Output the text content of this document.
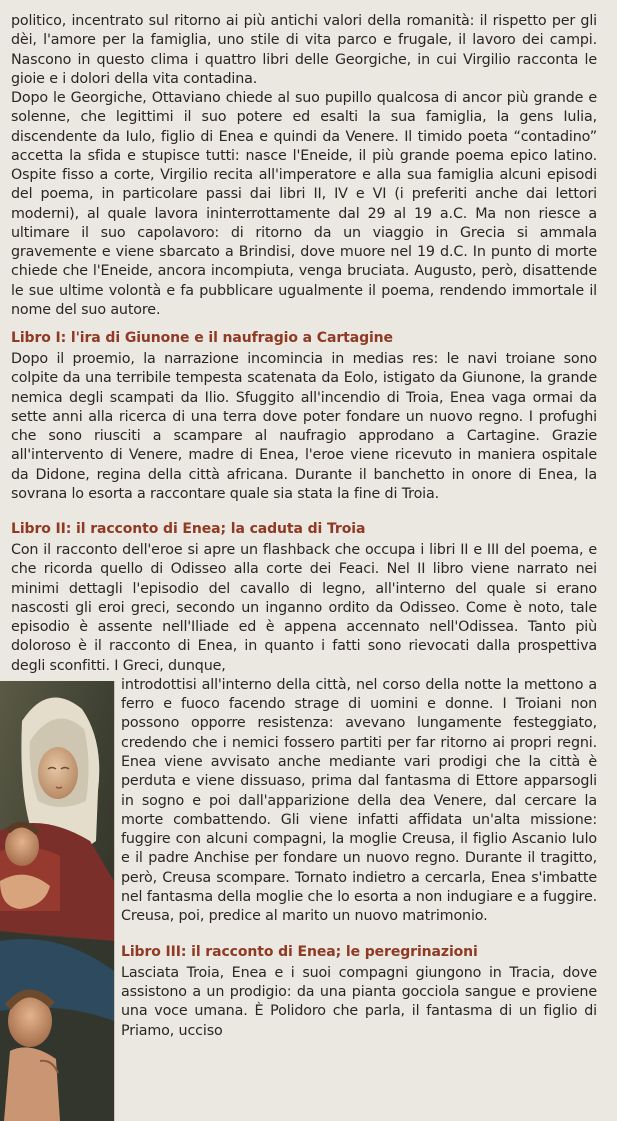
politico, incentrato sul ritorno ai più antichi valori della romanità: il rispetto per gli dèi, l'amore per la famiglia, uno stile di vita parco e frugale, il lavoro dei campi. Nascono in questo clima i quattro libri delle Georgiche, in cui Virgilio racconta le gioie e i dolori della vita contadina.

Dopo le Georgiche, Ottaviano chiede al suo pupillo qualcosa di ancor più grande e solenne, che legittimi il suo potere ed esalti la sua famiglia, la gens Iulia, discendente da Iulo, figlio di Enea e quindi da Venere. Il timido poeta “contadino” accetta la sfida e stupisce tutti: nasce l'Eneide, il più grande poema epico latino. Ospite fisso a corte, Virgilio recita all'imperatore e alla sua famiglia alcuni episodi del poema, in particolare passi dai libri II, IV e VI (i preferiti anche dai lettori moderni), al quale lavora ininterrottamente dal 29 al 19 a.C. Ma non riesce a ultimare il suo capolavoro: di ritorno da un viaggio in Grecia si ammala gravemente e viene sbarcato a Brindisi, dove muore nel 19 d.C. In punto di morte chiede che l'Eneide, ancora incompiuta, venga bruciata. Augusto, però, disattende le sue ultime volontà e fa pubblicare ugualmente il poema, rendendo immortale il nome del suo autore.

Libro I: l'ira di Giunone e il naufragio a Cartagine

Dopo il proemio, la narrazione incomincia in medias res: le navi troiane sono colpite da una terribile tempesta scatenata da Eolo, istigato da Giunone, la grande nemica degli scampati da Ilio. Sfuggito all'incendio di Troia, Enea vaga ormai da sette anni alla ricerca di una terra dove poter fondare un nuovo regno. I profughi che sono riusciti a scampare al naufragio approdano a Cartagine. Grazie all'intervento di Venere, madre di Enea, l'eroe viene ricevuto in maniera ospitale da Didone, regina della città africana. Durante il banchetto in onore di Enea, la sovrana lo esorta a raccontare quale sia stata la fine di Troia.

Libro II: il racconto di Enea; la caduta di Troia

Con il racconto dell'eroe si apre un flashback che occupa i libri II e III del poema, e che ricorda quello di Odisseo alla corte dei Feaci. Nel II libro viene narrato nei minimi dettagli l'episodio del cavallo di legno, all'interno del quale si erano nascosti gli eroi greci, secondo un inganno ordito da Odisseo. Come è noto, tale episodio è assente nell'Iliade ed è appena accennato nell'Odissea. Tanto più doloroso è il racconto di Enea, in quanto i fatti sono rievocati dalla prospettiva degli sconfitti. I Greci, dunque,

introdottisi all'interno della città, nel corso della notte la mettono a ferro e fuoco facendo strage di uomini e donne. I Troiani non possono opporre resistenza: avevano lungamente festeggiato, credendo che i nemici fossero partiti per far ritorno ai propri regni. Enea viene avvisato anche mediante vari prodigi che la città è perduta e viene dissuaso, prima dal fantasma di Ettore apparsogli in sogno e poi dall'apparizione della dea Venere, dal cercare la morte combattendo. Gli viene infatti affidata un'alta missione: fuggire con alcuni compagni, la moglie Creusa, il figlio Ascanio Iulo e il padre Anchise per fondare un nuovo regno. Durante il tragitto, però, Creusa scompare. Tornato indietro a cercarla, Enea s'imbatte nel fantasma della moglie che lo esorta a non indugiare e a fuggire. Creusa, poi, predice al marito un nuovo matrimonio.

Libro III: il racconto di Enea; le peregrinazioni

Lasciata Troia, Enea e i suoi compagni giungono in Tracia, dove assistono a un prodigio: da una pianta gocciola sangue e proviene una voce umana. È Polidoro che parla, il fantasma di un figlio di Priamo, ucciso
